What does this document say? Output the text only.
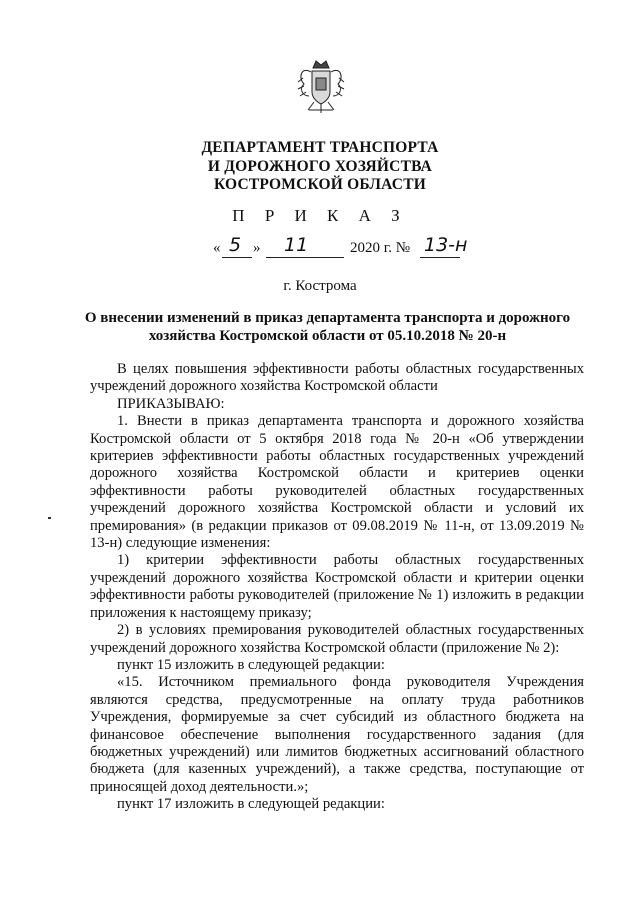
ДЕПАРТАМЕНТ ТРАНСПОРТА
И ДОРОЖНОГО ХОЗЯЙСТВА
КОСТРОМСКОЙ ОБЛАСТИ
П Р И К А З
« 5 » 11	2020 г. № 13-н
г. Кострома
О внесении изменений в приказ департамента транспорта и дорожного хозяйства Костромской области от 05.10.2018 № 20-н

В целях повышения эффективности работы областных государственных учреждений дорожного хозяйства Костромской области

ПРИКАЗЫВАЮ:

1. Внести в приказ департамента транспорта и дорожного хозяйства Костромской области от 5 октября 2018 года № 20-н «Об утверждении критериев эффективности работы областных государственных учреждений дорожного хозяйства Костромской области и критериев оценки эффективности работы руководителей областных государственных учреждений дорожного хозяйства Костромской области и условий их премирования» (в редакции приказов от 09.08.2019 № 11-н, от 13.09.2019 № 13-н) следующие изменения:

1) критерии эффективности работы областных государственных учреждений дорожного хозяйства Костромской области и критерии оценки эффективности работы руководителей (приложение № 1) изложить в редакции приложения к настоящему приказу;

2) в условиях премирования руководителей областных государственных учреждений дорожного хозяйства Костромской области (приложение № 2):

пункт 15 изложить в следующей редакции:

«15. Источником премиального фонда руководителя Учреждения являются средства, предусмотренные на оплату труда работников Учреждения, формируемые за счет субсидий из областного бюджета на финансовое обеспечение выполнения государственного задания (для бюджетных учреждений) или лимитов бюджетных ассигнований областного бюджета (для казенных учреждений), а также средства, поступающие от приносящей доход деятельности.»;

пункт 17 изложить в следующей редакции:
